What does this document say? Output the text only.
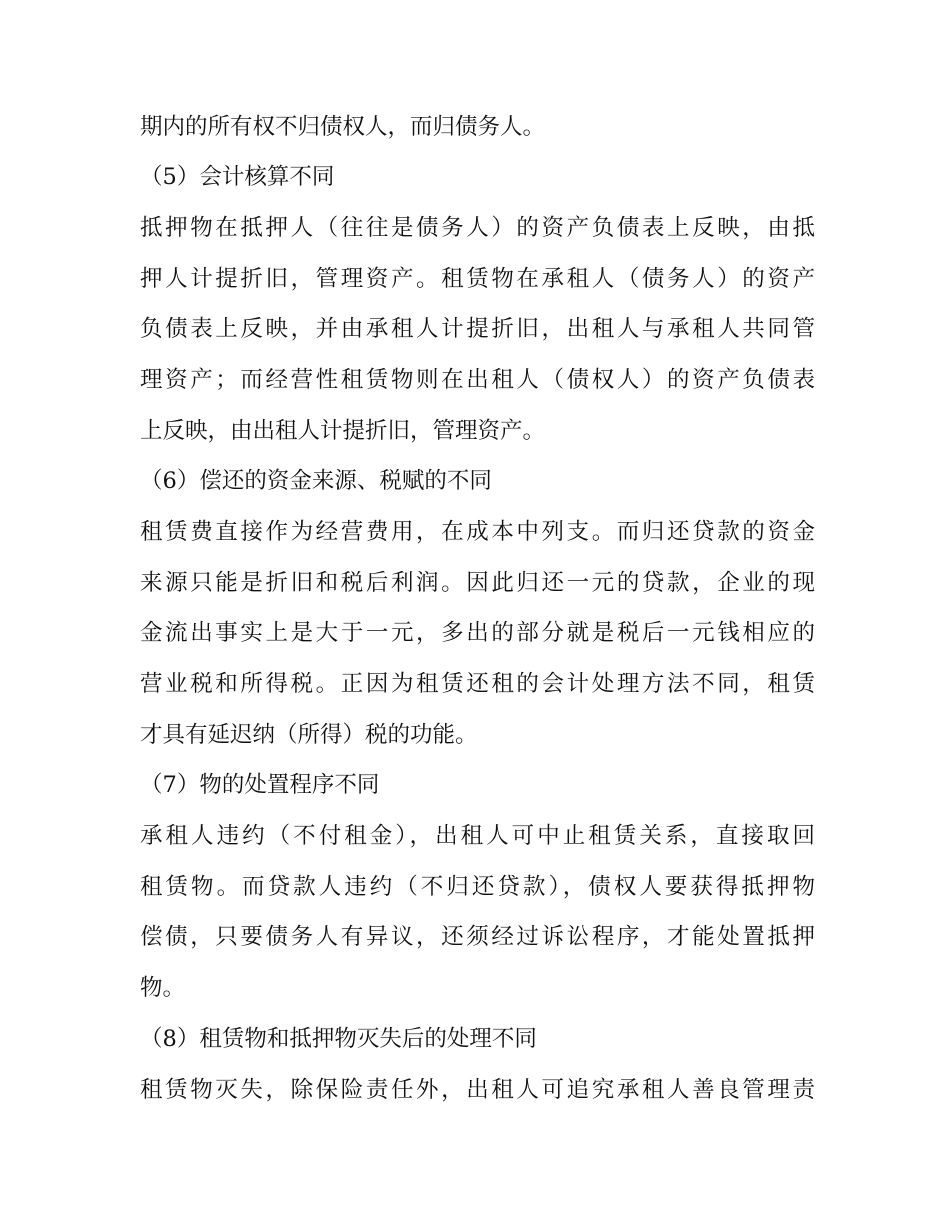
期内的所有权不归债权人，而归债务人。
（5）会计核算不同
抵押物在抵押人（往往是债务人）的资产负债表上反映，由抵
押人计提折旧，管理资产。租赁物在承租人（债务人）的资产
负债表上反映，并由承租人计提折旧，出租人与承租人共同管
理资产；而经营性租赁物则在出租人（债权人）的资产负债表
上反映，由出租人计提折旧，管理资产。
（6）偿还的资金来源、税赋的不同
租赁费直接作为经营费用，在成本中列支。而归还贷款的资金
来源只能是折旧和税后利润。因此归还一元的贷款，企业的现
金流出事实上是大于一元，多出的部分就是税后一元钱相应的
营业税和所得税。正因为租赁还租的会计处理方法不同，租赁
才具有延迟纳（所得）税的功能。
（7）物的处置程序不同
承租人违约（不付租金），出租人可中止租赁关系，直接取回
租赁物。而贷款人违约（不归还贷款），债权人要获得抵押物
偿债，只要债务人有异议，还须经过诉讼程序，才能处置抵押
物。
（8）租赁物和抵押物灭失后的处理不同
租赁物灭失，除保险责任外，出租人可追究承租人善良管理责
